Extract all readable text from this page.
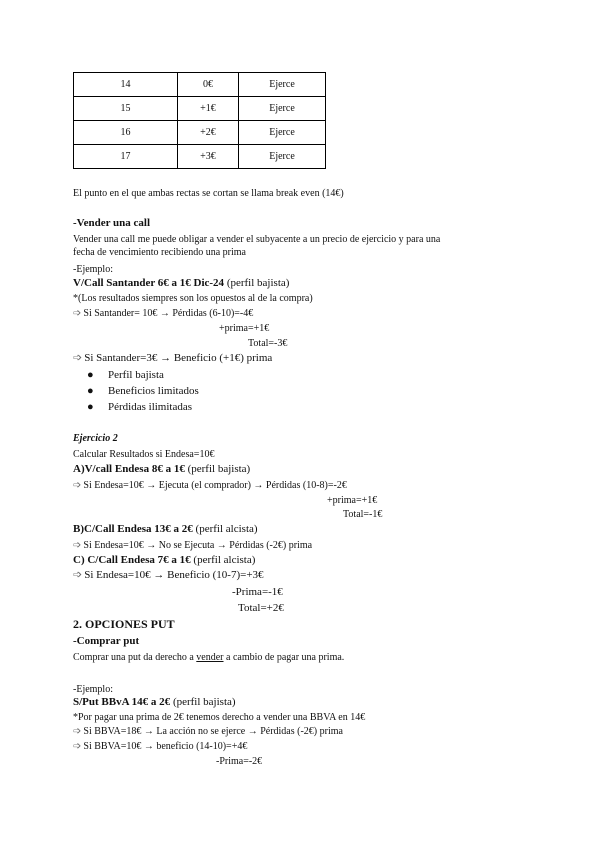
14	0€	Ejerce
15	+1€	Ejerce
16	+2€	Ejerce
17	+3€	Ejerce
El punto en el que ambas rectas se cortan se llama break even (14€)
-Vender una call
Vender una call me puede obligar a vender el subyacente a un precio de ejercicio y para una
fecha de vencimiento recibiendo una prima
-Ejemplo:
V/Call Santander 6€ a 1€ Dic-24 (perfil bajista)
*(Los resultados siempres son los opuestos al de la compra)
➩ Si Santander= 10€ → Pérdidas (6-10)=-4€
+prima=+1€
Total=-3€
➩ Si Santander=3€ → Beneficio (+1€) prima
● Perfil bajista
● Beneficios limitados
● Pérdidas ilimitadas
Ejercicio 2
Calcular Resultados si Endesa=10€
A)V/call Endesa 8€ a 1€ (perfil bajista)
➩ Si Endesa=10€ → Ejecuta (el comprador) → Pérdidas (10-8)=-2€
+prima=+1€
Total=-1€
B)C/Call Endesa 13€ a 2€ (perfil alcista)
➩ Si Endesa=10€ → No se Ejecuta → Pérdidas (-2€) prima
C) C/Call Endesa 7€ a 1€ (perfil alcista)
➩ Si Endesa=10€ → Beneficio (10-7)=+3€
-Prima=-1€
Total=+2€
2. OPCIONES PUT
-Comprar put
Comprar una put da derecho a vender a cambio de pagar una prima.
-Ejemplo:
S/Put BBvA 14€ a 2€ (perfil bajista)
*Por pagar una prima de 2€ tenemos derecho a vender una BBVA en 14€
➩ Si BBVA=18€ → La acción no se ejerce → Pérdidas (-2€) prima
➩ Si BBVA=10€ → beneficio (14-10)=+4€
-Prima=-2€
